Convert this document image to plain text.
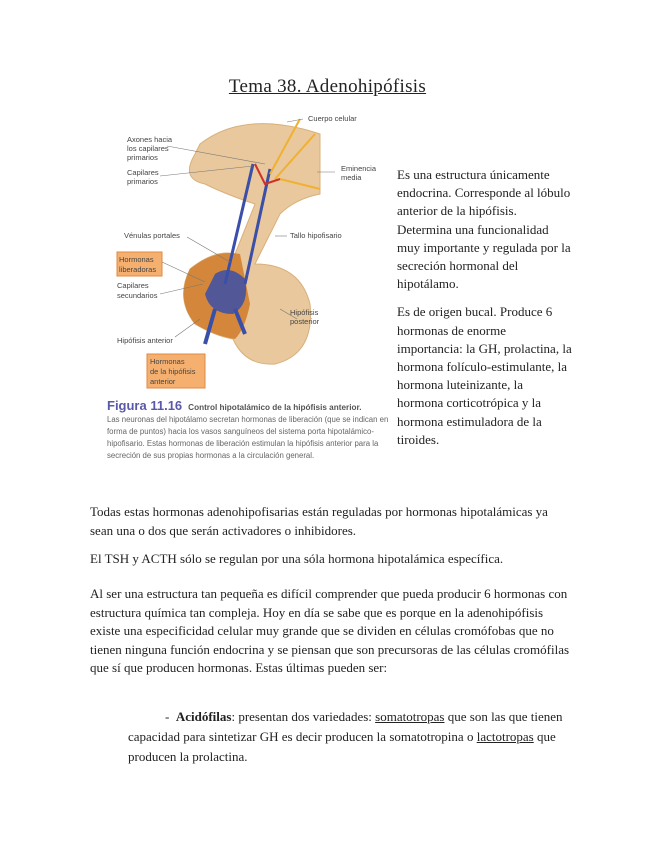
Tema 38. Adenohipófisis
Cuerpo celular
Axones hacia
los capilares
primarios
Capilares
primarios
Eminencia
media
Vénulas portales	Tallo hipofisario
Hormonas
liberadoras
Capilares
secundarios
Hipófisis
posterior
Hipófisis anterior
Hormonas
de la hipófisis
anterior
Figura 11.16 Control hipotalámico de la hipófisis anterior.
Las neuronas del hipotálamo secretan hormonas de liberación (que se indican en forma de puntos) hacia los vasos sanguíneos del sistema porta hipotalámico-hipofisario. Estas hormonas de liberación estimulan la hipófisis anterior para la secreción de sus propias hormonas a la circulación general.

Es una estructura únicamente endocrina. Corresponde al lóbulo anterior de la hipófisis. Determina una funcionalidad muy importante y regulada por la secreción hormonal del hipotálamo.

Es de origen bucal. Produce 6 hormonas de enorme importancia: la GH, prolactina, la hormona folículo-estimulante, la hormona luteinizante, la hormona corticotrópica y la hormona estimuladora de la tiroides.

Todas estas hormonas adenohipofisarias están reguladas por hormonas hipotalámicas ya sean una o dos que serán activadores o inhibidores.

El TSH y ACTH sólo se regulan por una sóla hormona hipotalámica específica.

Al ser una estructura tan pequeña es difícil comprender que pueda producir 6 hormonas con estructura química tan compleja. Hoy en día se sabe que es porque en la adenohipófisis existe una especificidad celular muy grande que se dividen en células cromófobas que no tienen ninguna función endocrina y se piensan que son precursoras de las células cromófilas que sí que producen hormonas. Estas últimas pueden ser:

- Acidófilas: presentan dos variedades: somatotropas que son las que tienen capacidad para sintetizar GH es decir producen la somatotropina o lactotropas que producen la prolactina.
